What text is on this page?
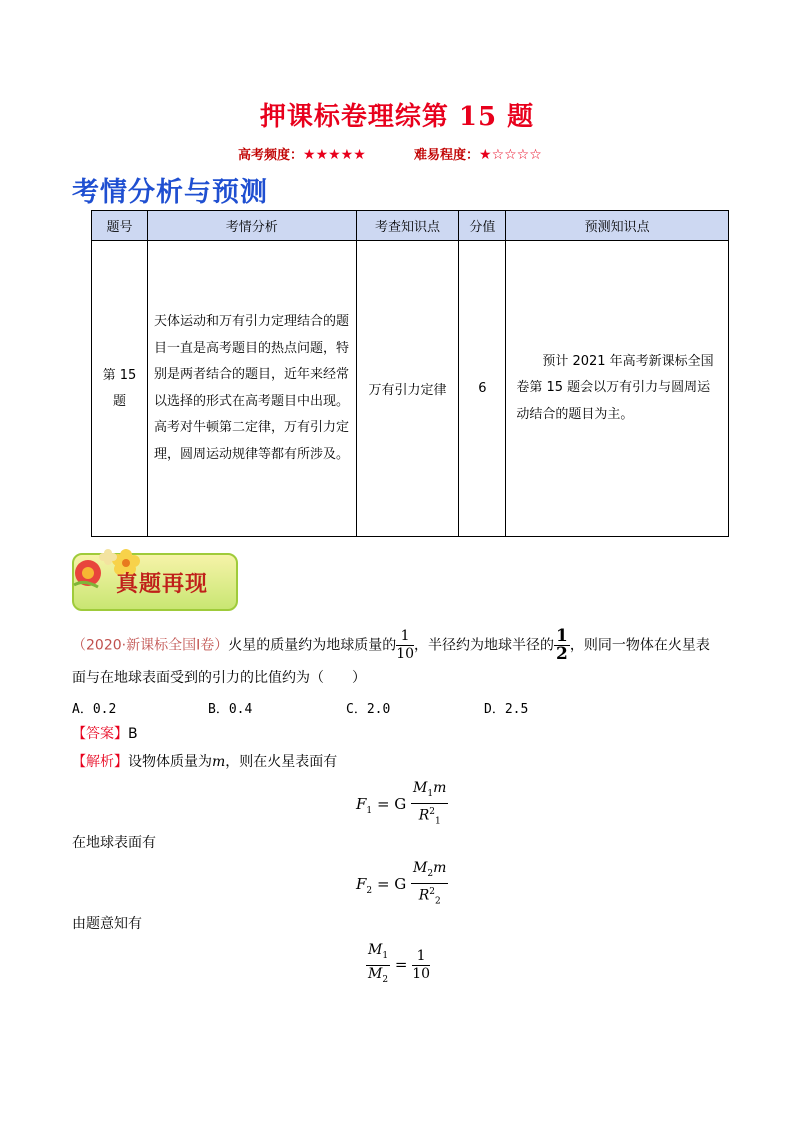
押课标卷理综第 15 题
高考频度：★★★★★	难易程度：★☆☆☆☆
考情分析与预测
题号	考情分析	考查知识点	分值	预测知识点
第 15 题	天体运动和万有引力定理结合的题目一直是高考题目的热点问题，特别是两者结合的题目，近年来经常以选择的形式在高考题目中出现。高考对牛顿第二定律，万有引力定理，圆周运动规律等都有所涉及。	万有引力定律	6	预计 2021 年高考新课标全国卷第 15 题会以万有引力与圆周运动结合的题目为主。
真题再现
（2020·新课标全国Ⅰ卷）火星的质量约为地球质量的 $\frac{1}{10}$ ，半径约为地球半径的 $\frac{1}{2}$ ，则同一物体在火星表
面与在地球表面受到的引力的比值约为（　　）
A．0.2	B．0.4	C．2.0	D．2.5
【答案】B
【解析】设物体质量为m，则在火星表面有
$F_1 = G \frac{M_1m}{R^2_1}$
在地球表面有
$F_2 = G \frac{M_2m}{R^2_2}$
由题意知有
$\frac{M_1}{M_2} = \frac{1}{10}$
